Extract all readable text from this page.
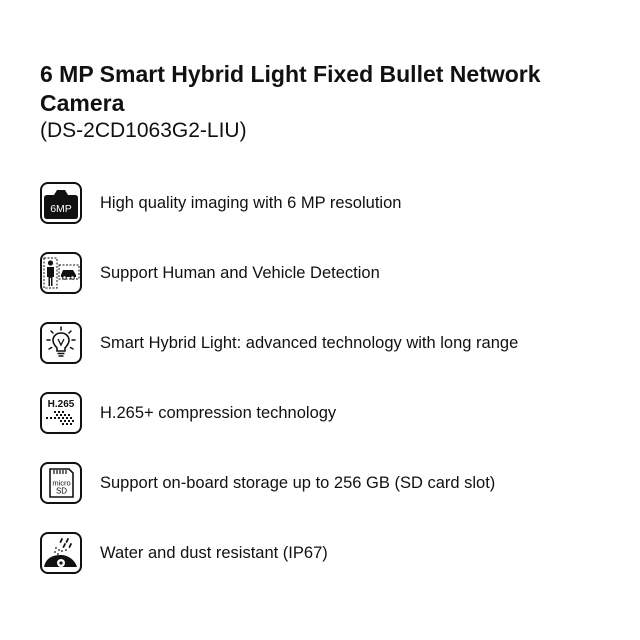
6 MP Smart Hybrid Light Fixed Bullet Network Camera
(DS-2CD1063G2-LIU)
6MP High quality imaging with 6 MP resolution
Support Human and Vehicle Detection
Smart Hybrid Light: advanced technology with long range
H.265 H.265+ compression technology
micro
SD Support on-board storage up to 256 GB (SD card slot)
Water and dust resistant (IP67)
